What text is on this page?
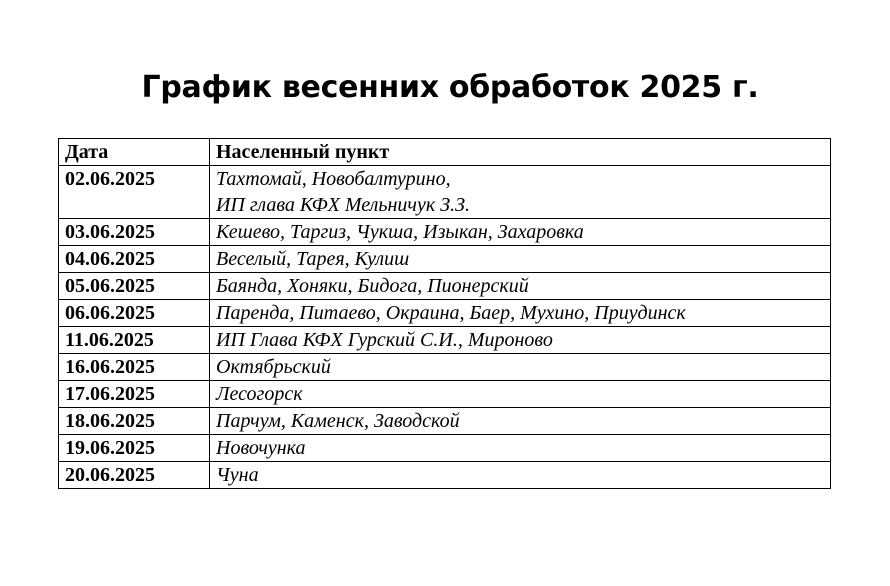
График весенних обработок 2025 г.
Дата	Населенный пункт
02.06.2025	Тахтомай, Новобалтурино,
ИП глава КФХ Мельничук З.З.

03.06.2025	Кешево, Таргиз, Чукша, Изыкан, Захаровка

04.06.2025	Веселый, Тарея, Кулиш

05.06.2025	Баянда, Хоняки, Бидога, Пионерский

06.06.2025	Паренда, Питаево, Окраина, Баер, Мухино, Приудинск

11.06.2025	ИП Глава КФХ Гурский С.И., Мироново

16.06.2025	Октябрьский

17.06.2025	Лесогорск

18.06.2025	Парчум, Каменск, Заводской

19.06.2025	Новочунка

20.06.2025	Чуна
